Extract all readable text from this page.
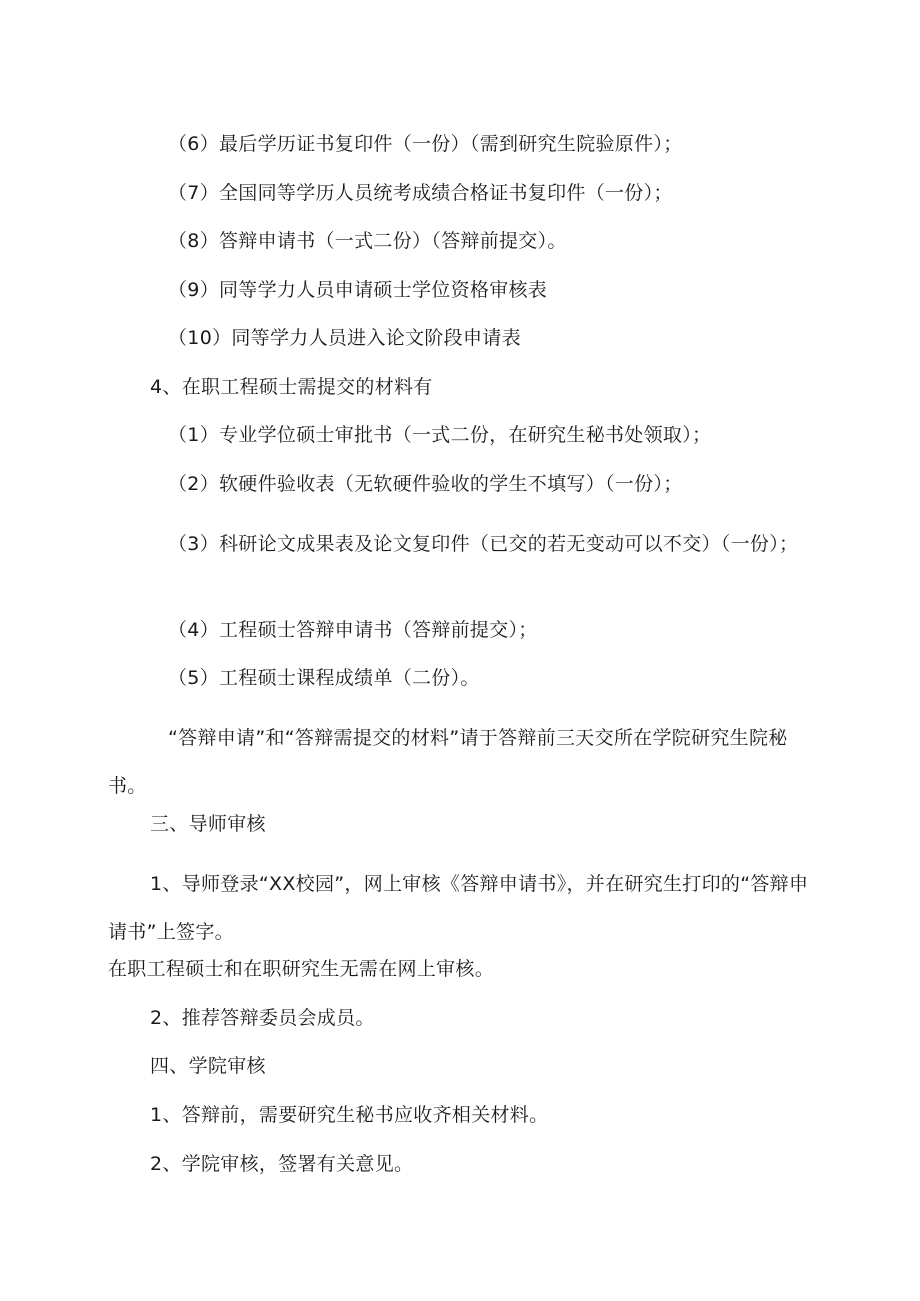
（6）最后学历证书复印件（一份）（需到研究生院验原件）；
（7）全国同等学历人员统考成绩合格证书复印件（一份）；
（8）答辩申请书（一式二份）（答辩前提交）。
（9）同等学力人员申请硕士学位资格审核表
（10）同等学力人员进入论文阶段申请表
4、在职工程硕士需提交的材料有
（1）专业学位硕士审批书（一式二份，在研究生秘书处领取）；
（2）软硬件验收表（无软硬件验收的学生不填写）（一份）；
（3）科研论文成果表及论文复印件（已交的若无变动可以不交）（一份）；
（4）工程硕士答辩申请书（答辩前提交）；
（5）工程硕士课程成绩单（二份）。
“答辩申请”和“答辩需提交的材料”请于答辩前三天交所在学院研究生院秘书。
三、导师审核
1、导师登录“XX校园”，网上审核《答辩申请书》，并在研究生打印的“答辩申请书”上签字。
在职工程硕士和在职研究生无需在网上审核。
2、推荐答辩委员会成员。
四、学院审核
1、答辩前，需要研究生秘书应收齐相关材料。
2、学院审核，签署有关意见。
